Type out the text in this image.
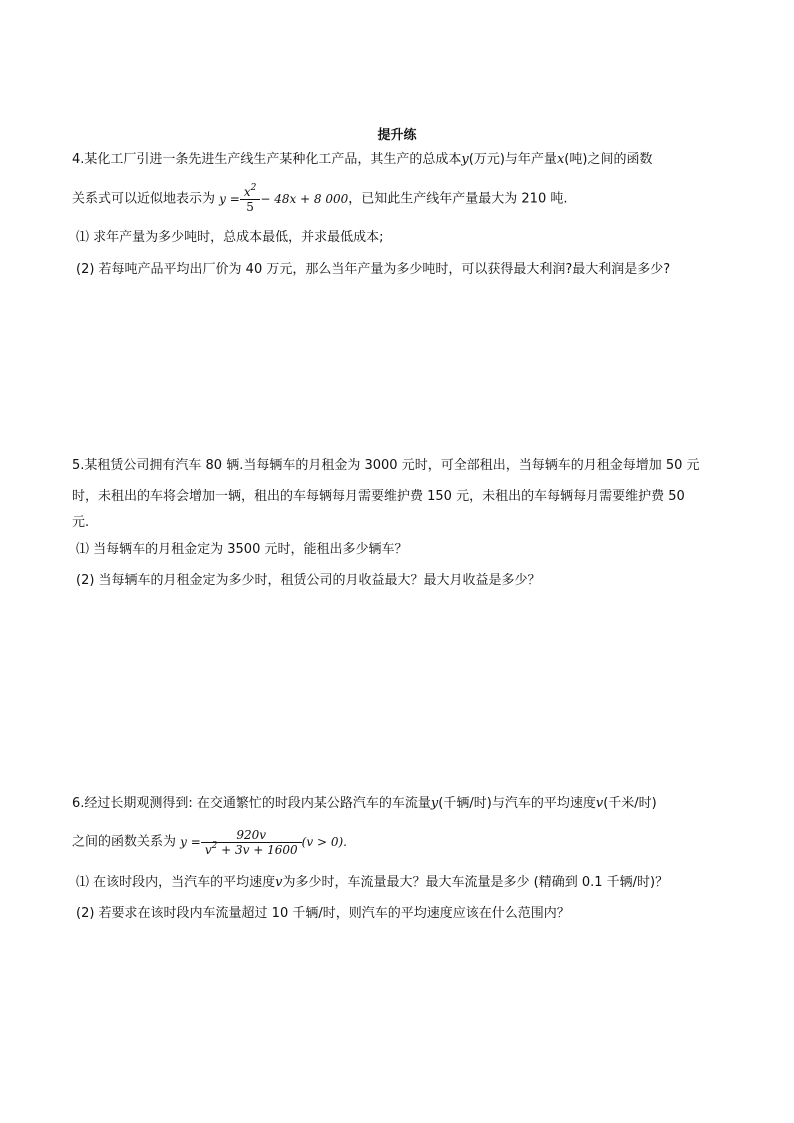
提升练
4.某化工厂引进一条先进生产线生产某种化工产品，其生产的总成本y(万元)与年产量x(吨)之间的函数
关系式可以近似地表示为 $y = \frac{x^2}{5} - 48x + 8$ 000 ，已知此生产线年产量最大为 210 吨.
⑴ 求年产量为多少吨时，总成本最低，并求最低成本;
(2) 若每吨产品平均出厂价为 40 万元，那么当年产量为多少吨时，可以获得最大利润?最大利润是多少?
5.某租赁公司拥有汽车 80 辆.当每辆车的月租金为 3000 元时，可全部租出，当每辆车的月租金每增加 50 元
时，未租出的车将会增加一辆，租出的车每辆每月需要维护费 150 元，未租出的车每辆每月需要维护费 50
元.
⑴ 当每辆车的月租金定为 3500 元时，能租出多少辆车？
(2) 当每辆车的月租金定为多少时，租赁公司的月收益最大？最大月收益是多少？
6.经过长期观测得到: 在交通繁忙的时段内某公路汽车的车流量y(千辆/时)与汽车的平均速度v(千米/时)
之间的函数关系为 $y = \frac{920v}{v^2 + 3v + 1600} (v > 0)$.
⑴ 在该时段内，当汽车的平均速度v为多少时，车流量最大？最大车流量是多少 (精确到 0.1 千辆/时)？
(2) 若要求在该时段内车流量超过 10 千辆/时，则汽车的平均速度应该在什么范围内？
